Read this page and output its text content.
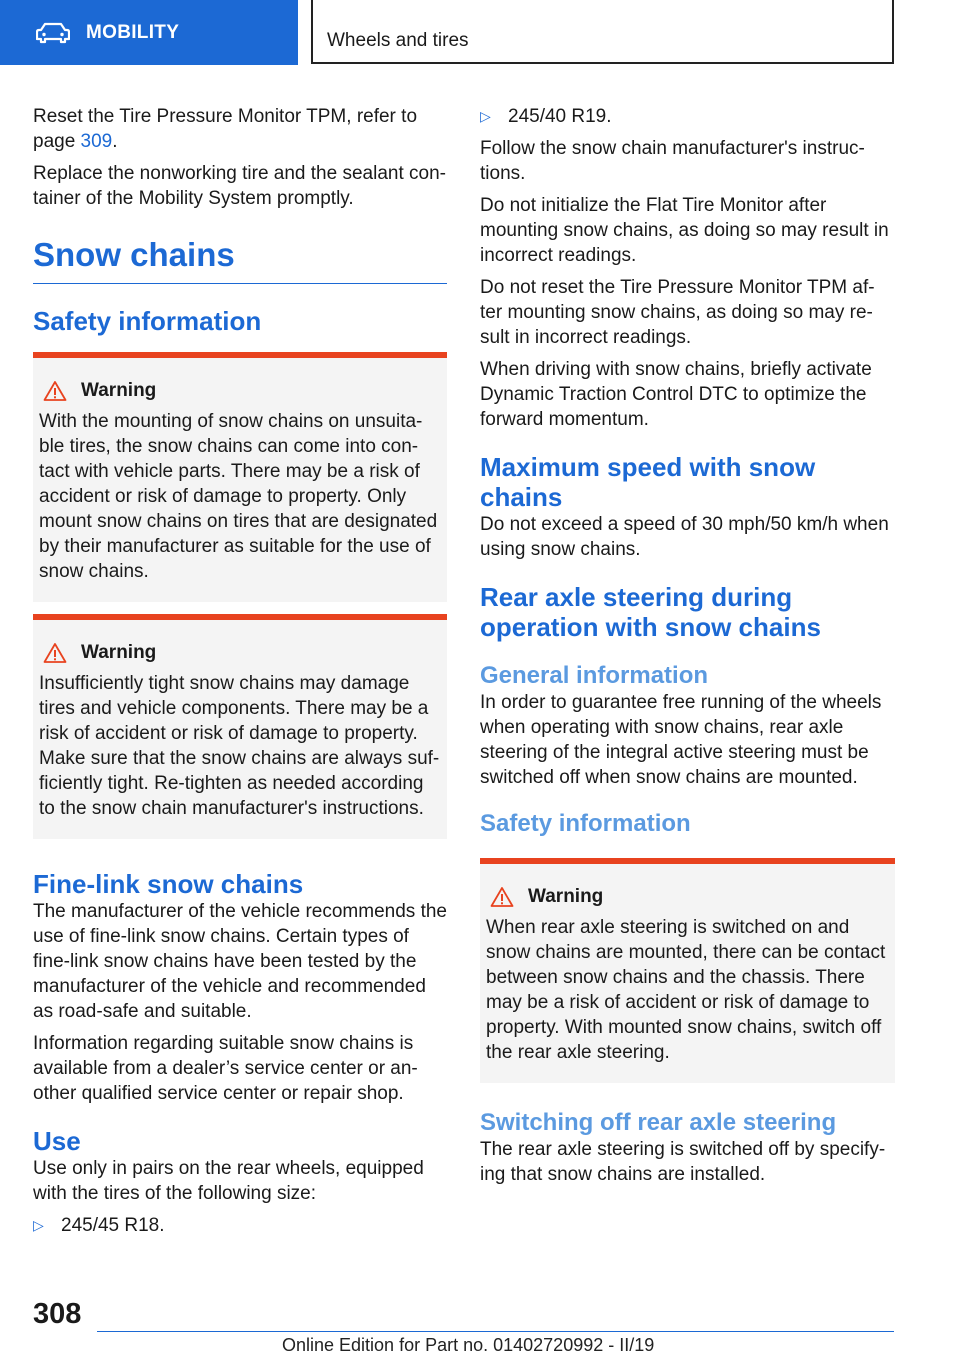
MOBILITY	Wheels and tires

Reset the Tire Pressure Monitor TPM, refer to page 309.

Replace the nonworking tire and the sealant con‐tainer of the Mobility System promptly.

Snow chains
Safety information
Warning
With the mounting of snow chains on unsuita‐ble tires, the snow chains can come into con‐tact with vehicle parts. There may be a risk of accident or risk of damage to property. Only mount snow chains on tires that are designated by their manufacturer as suitable for the use of snow chains.
Warning
Insufficiently tight snow chains may damage tires and vehicle components. There may be a risk of accident or risk of damage to property. Make sure that the snow chains are always suf‐ficiently tight. Re-tighten as needed according to the snow chain manufacturer's instructions.
Fine-link snow chains

The manufacturer of the vehicle recommends the use of fine-link snow chains. Certain types of fine-link snow chains have been tested by the manufacturer of the vehicle and recommended as road-safe and suitable.

Information regarding suitable snow chains is available from a dealer’s service center or an‐other qualified service center or repair shop.

Use

Use only in pairs on the rear wheels, equipped with the tires of the following size:

▷ 245/45 R18.
▷ 245/40 R19.

Follow the snow chain manufacturer's instruc‐tions.

Do not initialize the Flat Tire Monitor after mounting snow chains, as doing so may result in incorrect readings.

Do not reset the Tire Pressure Monitor TPM af‐ter mounting snow chains, as doing so may re‐sult in incorrect readings.

When driving with snow chains, briefly activate Dynamic Traction Control DTC to optimize the forward momentum.

Maximum speed with snow chains

Do not exceed a speed of 30 mph/50 km/h when using snow chains.

Rear axle steering during operation with snow chains
General information

In order to guarantee free running of the wheels when operating with snow chains, rear axle steering of the integral active steering must be switched off when snow chains are mounted.

Safety information
Warning
When rear axle steering is switched on and snow chains are mounted, there can be contact between snow chains and the chassis. There may be a risk of accident or risk of damage to property. With mounted snow chains, switch off the rear axle steering.
Switching off rear axle steering

The rear axle steering is switched off by specify‐ing that snow chains are installed.

308
Online Edition for Part no. 01402720992 - II/19
